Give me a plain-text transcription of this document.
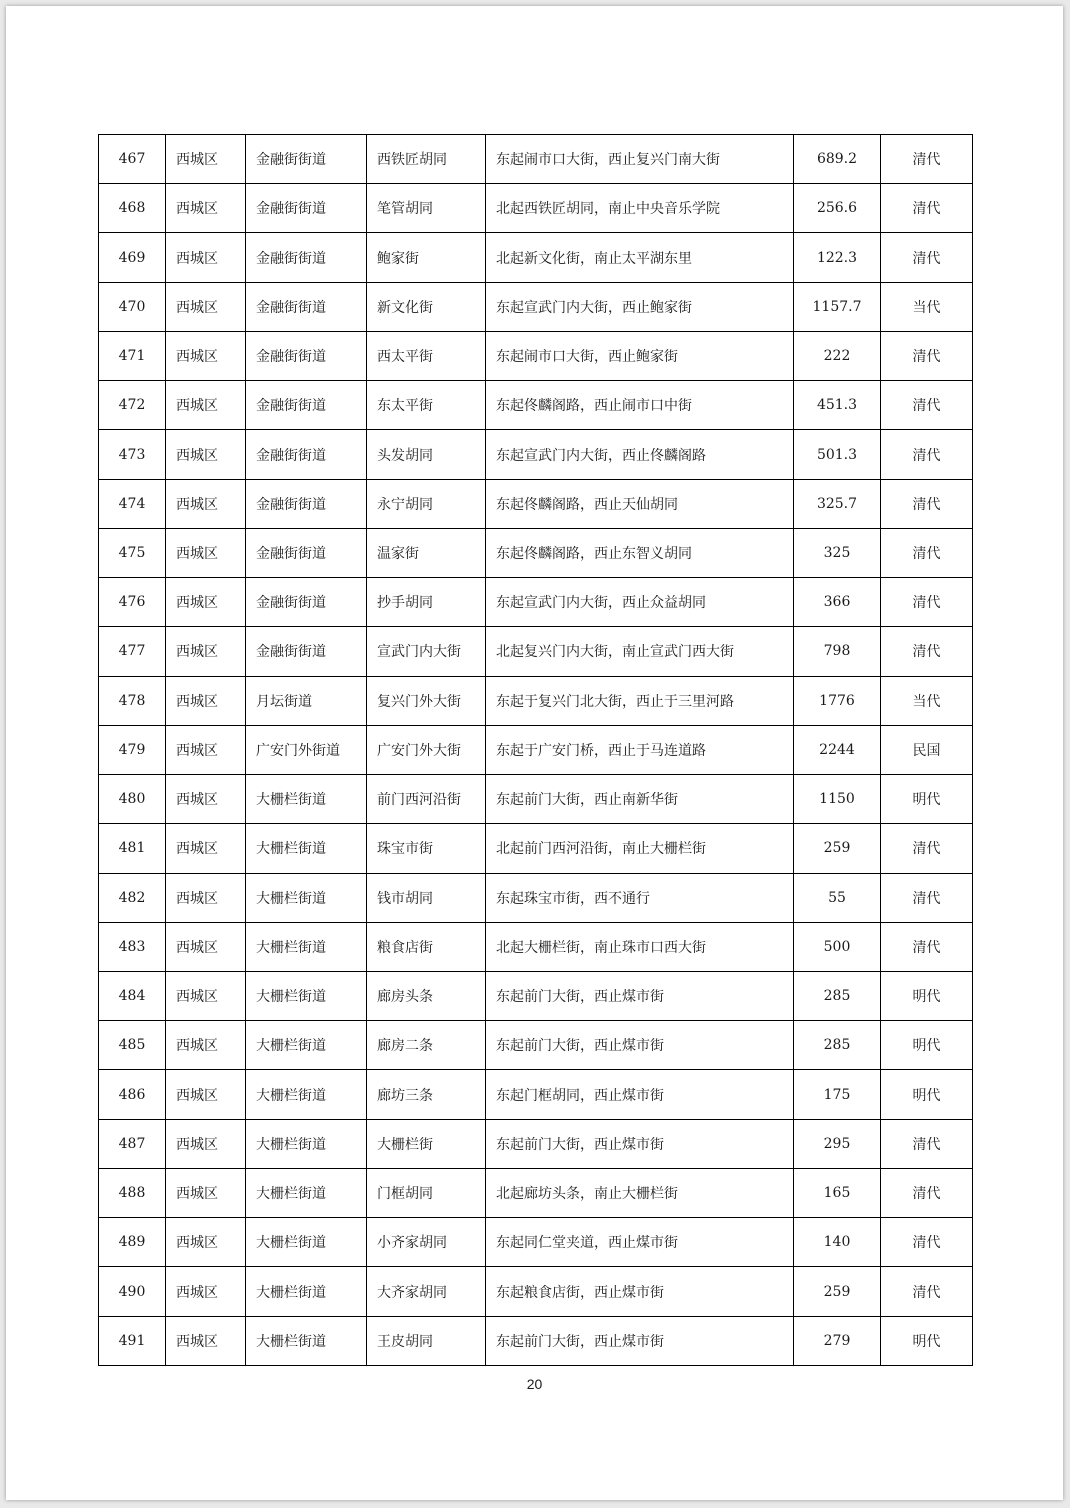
467	西城区	金融街街道	西铁匠胡同	东起闹市口大街，西止复兴门南大街	689.2	清代
468	西城区	金融街街道	笔管胡同	北起西铁匠胡同，南止中央音乐学院	256.6	清代
469	西城区	金融街街道	鲍家街	北起新文化街，南止太平湖东里	122.3	清代
470	西城区	金融街街道	新文化街	东起宣武门内大街，西止鲍家街	1157.7	当代
471	西城区	金融街街道	西太平街	东起闹市口大街，西止鲍家街	222	清代
472	西城区	金融街街道	东太平街	东起佟麟阁路，西止闹市口中街	451.3	清代
473	西城区	金融街街道	头发胡同	东起宣武门内大街，西止佟麟阁路	501.3	清代
474	西城区	金融街街道	永宁胡同	东起佟麟阁路，西止天仙胡同	325.7	清代
475	西城区	金融街街道	温家街	东起佟麟阁路，西止东智义胡同	325	清代
476	西城区	金融街街道	抄手胡同	东起宣武门内大街，西止众益胡同	366	清代
477	西城区	金融街街道	宣武门内大街	北起复兴门内大街，南止宣武门西大街	798	清代
478	西城区	月坛街道	复兴门外大街	东起于复兴门北大街，西止于三里河路	1776	当代
479	西城区	广安门外街道	广安门外大街	东起于广安门桥，西止于马连道路	2244	民国
480	西城区	大栅栏街道	前门西河沿街	东起前门大街，西止南新华街	1150	明代
481	西城区	大栅栏街道	珠宝市街	北起前门西河沿街，南止大栅栏街	259	清代
482	西城区	大栅栏街道	钱市胡同	东起珠宝市街，西不通行	55	清代
483	西城区	大栅栏街道	粮食店街	北起大栅栏街，南止珠市口西大街	500	清代
484	西城区	大栅栏街道	廊房头条	东起前门大街，西止煤市街	285	明代
485	西城区	大栅栏街道	廊房二条	东起前门大街，西止煤市街	285	明代
486	西城区	大栅栏街道	廊坊三条	东起门框胡同，西止煤市街	175	明代
487	西城区	大栅栏街道	大栅栏街	东起前门大街，西止煤市街	295	清代
488	西城区	大栅栏街道	门框胡同	北起廊坊头条，南止大栅栏街	165	清代
489	西城区	大栅栏街道	小齐家胡同	东起同仁堂夹道，西止煤市街	140	清代
490	西城区	大栅栏街道	大齐家胡同	东起粮食店街，西止煤市街	259	清代
491	西城区	大栅栏街道	王皮胡同	东起前门大街，西止煤市街	279	明代
20
